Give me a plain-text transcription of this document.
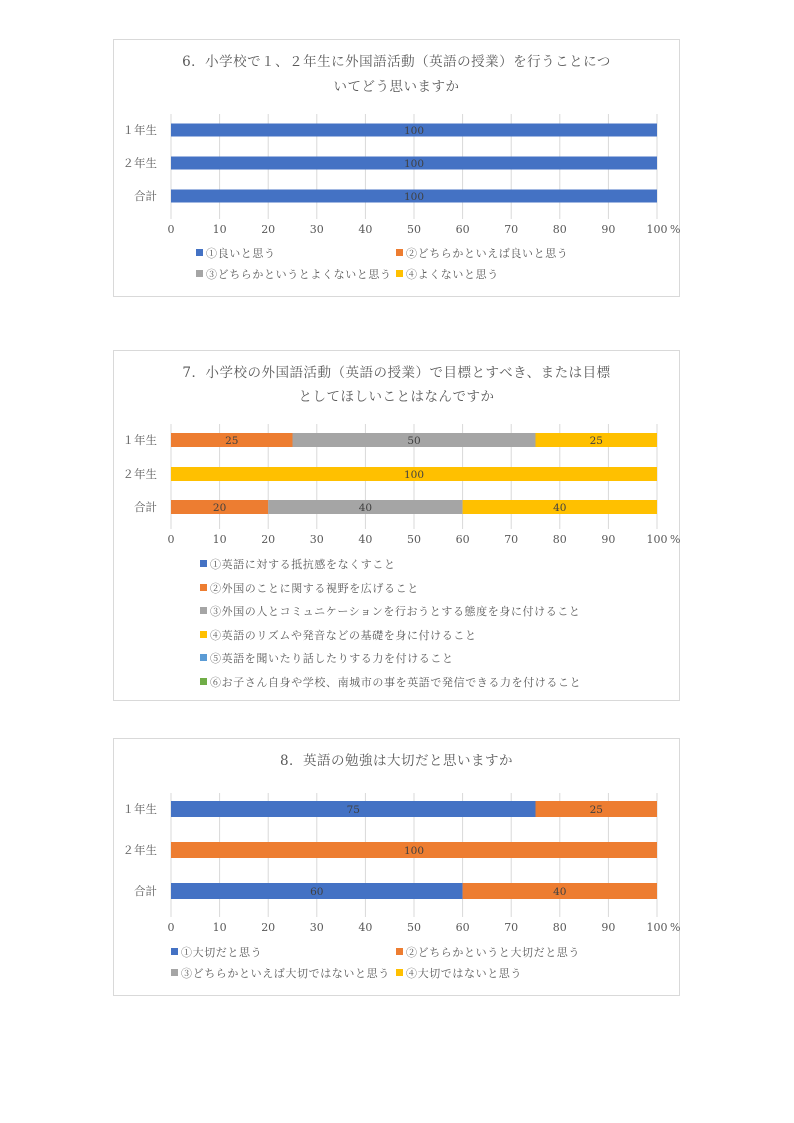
6．小学校で１、２年生に外国語活動（英語の授業）を行うことにつ
いてどう思いますか
0	10	20	30	40	50	60	70	80	90	100 %
１年生	100
２年生	100
合計	100
①良いと思う	②どちらかといえば良いと思う
③どちらかというとよくないと思う	④よくないと思う
7．小学校の外国語活動（英語の授業）で目標とすべき、または目標
としてほしいことはなんですか
0	10	20	30	40	50	60	70	80	90	100 %
１年生	25	50	25
２年生	100
合計	20	40	40
①英語に対する抵抗感をなくすこと
②外国のことに関する視野を広げること
③外国の人とコミュニケーションを行おうとする態度を身に付けること
④英語のリズムや発音などの基礎を身に付けること
⑤英語を聞いたり話したりする力を付けること
⑥お子さん自身や学校、南城市の事を英語で発信できる力を付けること
8．英語の勉強は大切だと思いますか
0	10	20	30	40	50	60	70	80	90	100 %
１年生	75	25
２年生	100
合計	60	40
①大切だと思う	②どちらかというと大切だと思う
③どちらかといえば大切ではないと思う	④大切ではないと思う
